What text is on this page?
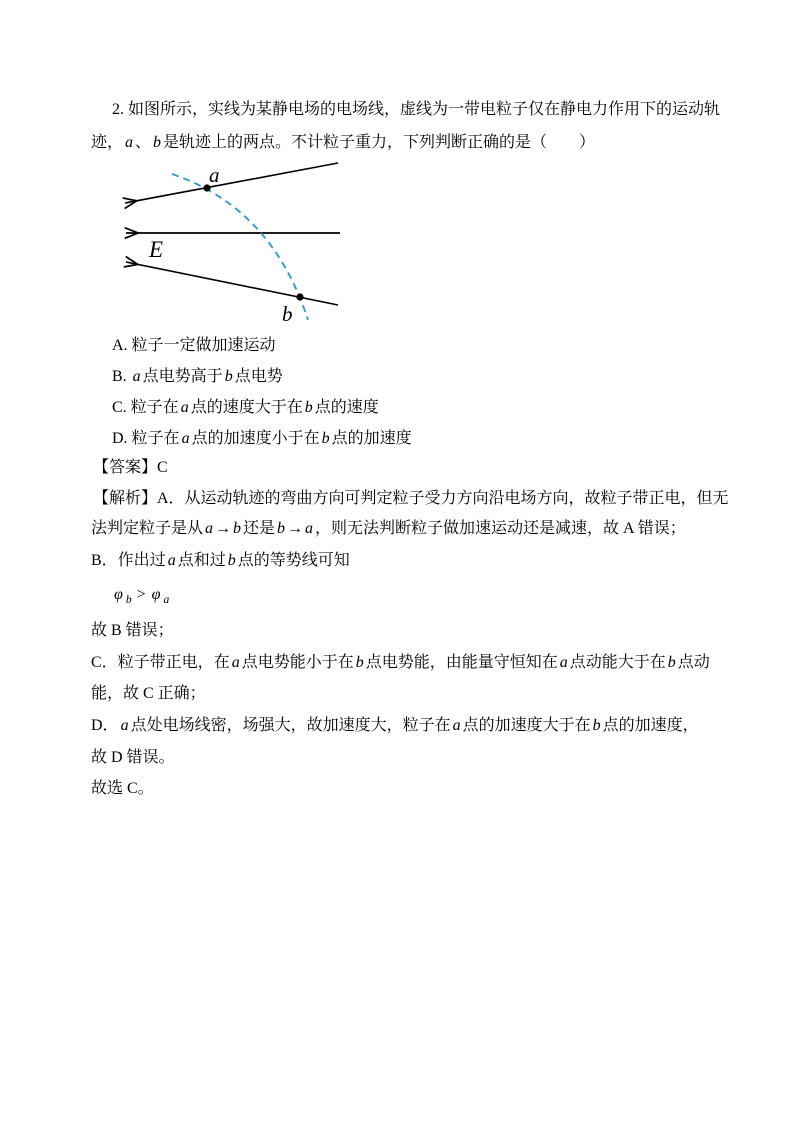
2. 如图所示，实线为某静电场的电场线，虚线为一带电粒子仅在静电力作用下的运动轨
迹， a 、 b 是轨迹上的两点。不计粒子重力，下列判断正确的是（　　）
a
b
E
A. 粒子一定做加速运动
B. a 点电势高于 b 点电势
C. 粒子在 a 点的速度大于在 b 点的速度
D. 粒子在 a 点的加速度小于在 b 点的加速度
【答案】C
【解析】A．从运动轨迹的弯曲方向可判定粒子受力方向沿电场方向，故粒子带正电，但无
法判定粒子是从 a → b 还是 b → a ，则无法判断粒子做加速运动还是减速，故 A 错误；
B．作出过 a 点和过 b 点的等势线可知
φ $_b$ > φ $_a$
故 B 错误；
C．粒子带正电，在 a 点电势能小于在 b 点电势能，由能量守恒知在 a 点动能大于在 b 点动
能，故 C 正确；
D． a 点处电场线密，场强大，故加速度大，粒子在 a 点的加速度大于在 b 点的加速度，
故 D 错误。
故选 C。
